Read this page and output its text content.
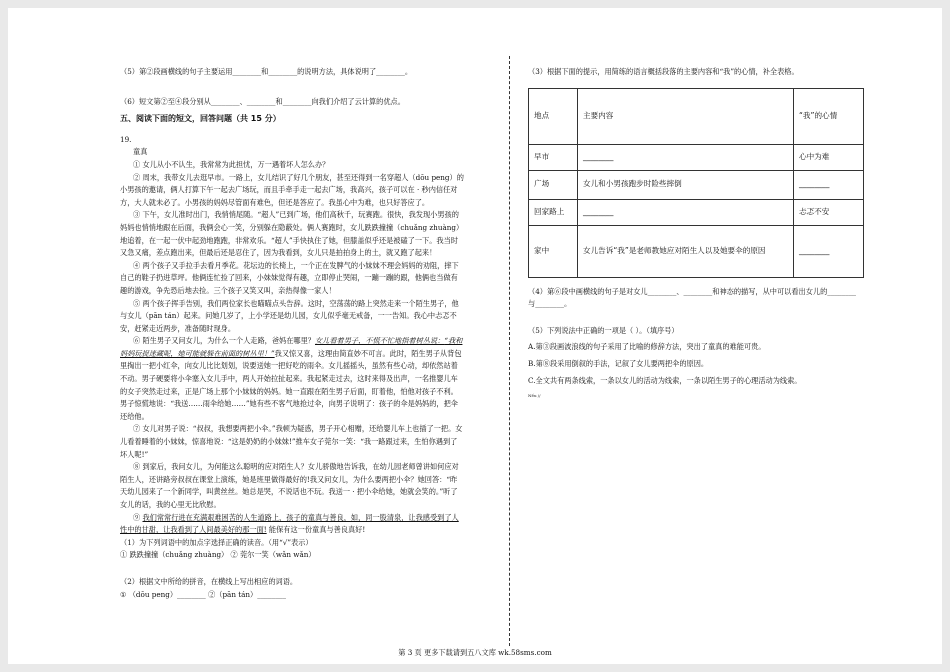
（5）第②段画横线的句子主要运用________和________的说明方法，具体说明了________。

（6）短文第②至④段分别从________、________和________向我们介绍了云计算的优点。

五、阅读下面的短文，回答问题（共 15 分）

19.

童真

① 女儿从小不认生，我常常为此担忧，万一遇着坏人怎么办？

② 周末，我带女儿去逛早市。一路上，女儿结识了好几个朋友，甚至还得到一名穿超人（dōu peng）的小男孩的邀请，俩人打算下午一起去广场玩，而且手牵手走一起去广场，我高兴，孩子可以在 · 秒内信任对方，大人就未必了。小男孩的妈妈尽管面有难色，但还是答应了。我虽心中为难，也只好答应了。

③ 下午，女儿准时出门，我悄悄尾随。“超人”已到广场，他们高秋千，玩赛跑。很快，我发现小男孩的妈妈也悄悄地跟在后面，我俩会心一笑，分别躲在隐蔽处。俩人赛跑时，女儿跌跌撞撞（chuǎng zhuàng）地追着，在一起一伏中起劲地跑跑，非常欢乐。“超人”手快执住了她，但膝盖似乎还是被磕了一下。我当时又急又痛，差点跑出来，但最后还是忍住了，因为我看到，女儿只是拍拍身上的土，就又跑了起来！

④ 两个孩子又手拉手去看月季花。花坛边的长椅上，一个正在发脾气的小妹妹不理会妈妈的劝阻，摔下自己的鞋子扔进草坪。他俩连忙捡了回来，小妹妹觉得有趣，立即停止哭闹，一蹦一蹦的跟，他俩也当做有趣的游戏，争先恐后地去捡。三个孩子又笑又叫，亲热得像一家人！

⑤ 两个孩子挥手告别，我们两位家长也瞄瞄点头告辞。这时，空荡荡的路上突然走来一个陌生男子，他与女儿（pān tán）起来。问她几岁了，上小学还是幼儿园，女儿似乎毫无戒备，一一告知。我心中忐忑不安，赶紧走近两步，准备随时现身。

⑥ 陌生男子又问女儿，为什么一个人走路，爸妈在哪里？女儿看着男子，不慌不忙地指着树丛说：“我和妈妈玩捉迷藏呢，她可能就躲在前面的树丛里！”我又惊又喜，这理由简直妙不可言。此时，陌生男子从背包里掏出一把小红伞，向女儿比比划划，说要送她一把好吃的雨伞。女儿摇摇头，虽然有些心动，却依然站着不动。男子硬要将小伞塞入女儿手中，两人开始拉扯起来。我起紧走过去，这时来得及出声，一名推婴儿车的女子突然走过来，正是广场上那个小妹妹的妈妈。她一直跟在陌生男子后面，盯着他，怕他对孩子不利。男子惊慌地说：“我送……雨伞给她……”她有些不客气地抢过伞，向男子说明了：孩子的伞是妈妈的，把伞还给他。

⑦ 女儿对男子说：“叔叔，我想要两把小伞。”我顿为疑惑，男子开心相赠，还给婴儿车上也插了一把。女儿看着睡着的小妹妹，惊喜地说：“这是奶奶的小妹妹!”推车女子莞尔一笑：“我一路跟过来，生怕你遇到了坏人呢!”

⑧ 到家后，我问女儿，为何能这么聪明的应对陌生人？女儿骄傲地告诉我，在幼儿园老师曾讲如何应对陌生人，还讲路旁叔叔在课堂上演练，她是班里做得最好的!我又问女儿，为什么要两把小伞？她回答：“昨天幼儿园来了一个新同学，叫黄丝丝。她总是哭，不说话也不玩。我送一 · 把小伞给她，她就会笑的。”听了女儿的话，我的心里无比欣慰。

⑨ 我们常常行进在充满艰难困苦的人生道路上，孩子的童真与善良，如，同一股清泉，让我感受到了人性中的甘甜，让我看到了人间最美好的那一面! 能保有这一份童真与善良真好!

（1）为下列词语中的加点字选择正确的读音。（用“√”表示）

① 跌跌撞撞（chuǎng zhuàng） ② 莞尔一笑（wǎn wǎn）

（2）根据文中所给的拼音，在横线上写出相应的词语。

① （dōu peng）________ ②（pān tán）________

（3）根据下面的提示，用简练的语言概括段落的主要内容和“我”的心情，补全表格。

地点	主要内容	“我”的心情
早市	________	心中为难
广场	女儿和小男孩跑步时险些摔倒	________
回家路上	________	忐忑不安
家中	女儿告诉“我”是老师教她应对陌生人以及她要伞的原因	________

（4）第⑥段中画横线的句子是对女儿________、________和神态的描写，从中可以看出女儿的________与________。

（5）下列说法中正确的一项是（ ）。（填序号）

A.第③段画波浪线的句子采用了比喻的修辞方法，突出了童真的难能可贵。

B.第⑧段采用倒叙的手法，记叙了女儿要两把伞的原因。

C.全文共有两条线索，一条以女儿的活动为线索，一条以陌生男子的心理活动为线索。

Nếu //

第 3 页 更多下载请到五八文库 wk.58sms.com
